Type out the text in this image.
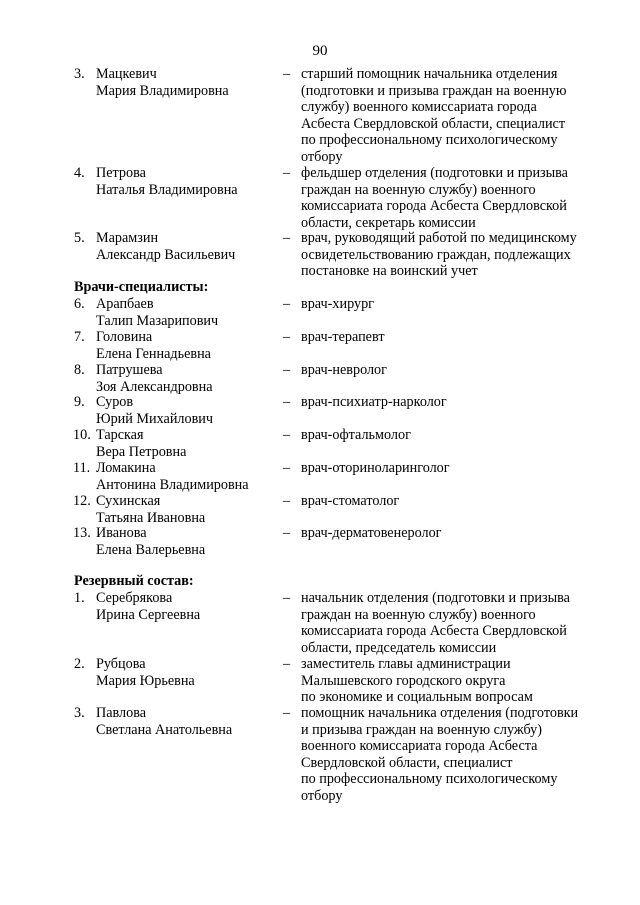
90
3. Мацкевич
Мария Владимировна
– старший помощник начальника отделения
(подготовки и призыва граждан на военную
службу) военного комиссариата города
Асбеста Свердловской области, специалист
по профессиональному психологическому
отбору
4. Петрова
Наталья Владимировна
– фельдшер отделения (подготовки и призыва
граждан на военную службу) военного
комиссариата города Асбеста Свердловской
области, секретарь комиссии
5. Марамзин
Александр Васильевич
– врач, руководящий работой по медицинскому
освидетельствованию граждан, подлежащих
постановке на воинский учет
Врачи-специалисты:
6. Арапбаев
Талип Мазарипович
– врач-хирург
7. Головина
Елена Геннадьевна
– врач-терапевт
8. Патрушева
Зоя Александровна
– врач-невролог
9. Суров
Юрий Михайлович
– врач-психиатр-нарколог
10. Тарская
Вера Петровна
– врач-офтальмолог
11. Ломакина
Антонина Владимировна
– врач-оториноларинголог
12. Сухинская
Татьяна Ивановна
– врач-стоматолог
13. Иванова
Елена Валерьевна
– врач-дерматовенеролог
Резервный состав:
1. Серебрякова
Ирина Сергеевна
– начальник отделения (подготовки и призыва
граждан на военную службу) военного
комиссариата города Асбеста Свердловской
области, председатель комиссии
2. Рубцова
Мария Юрьевна
– заместитель главы администрации
Малышевского городского округа
по экономике и социальным вопросам
3. Павлова
Светлана Анатольевна
– помощник начальника отделения (подготовки
и призыва граждан на военную службу)
военного комиссариата города Асбеста
Свердловской области, специалист
по профессиональному психологическому
отбору
